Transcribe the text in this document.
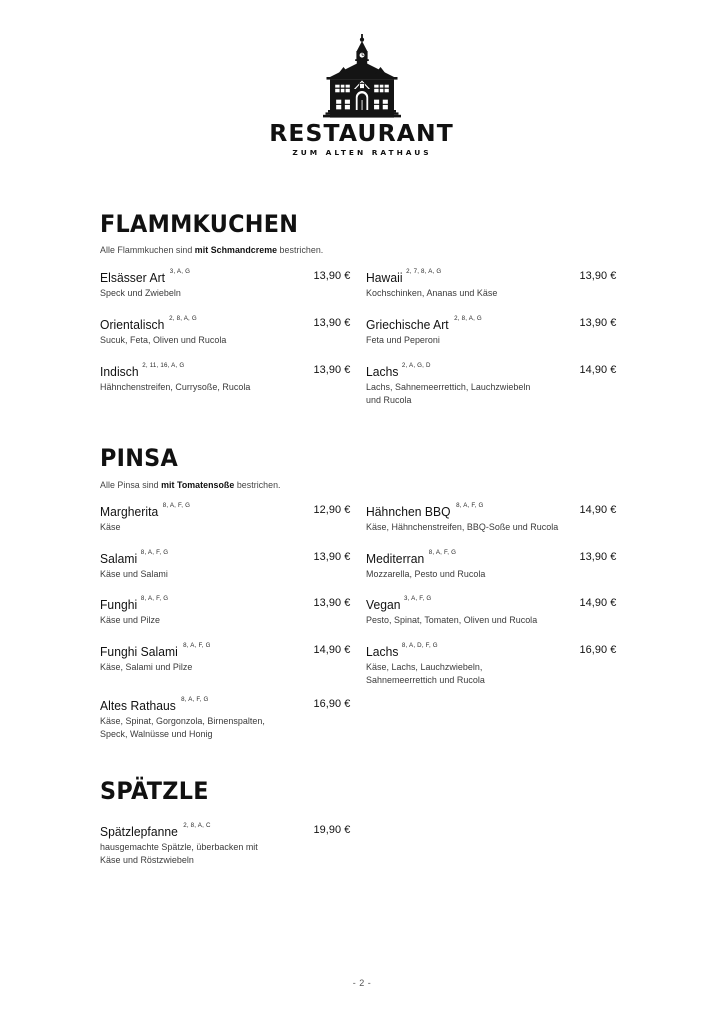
RESTAURANT
ZUM ALTEN RATHAUS
FLAMMKUCHEN
Alle Flammkuchen sind mit Schmandcreme bestrichen.
Elsässer Art $^{3, A, G}$	13,90 €
Speck und Zwiebeln
Orientalisch $^{2, 8, A, G}$	13,90 €
Sucuk, Feta, Oliven und Rucola
Indisch $^{2, 11, 16, A, G}$	13,90 €
Hähnchenstreifen, Currysoße, Rucola
Hawaii $^{2, 7, 8, A, G}$	13,90 €
Kochschinken, Ananas und Käse
Griechische Art $^{2, 8, A, G}$	13,90 €
Feta und Peperoni
Lachs $^{2, A, G, D}$	14,90 €
Lachs, Sahnemeerrettich, Lauchzwiebeln und Rucola
PINSA
Alle Pinsa sind mit Tomatensoße bestrichen.
Margherita $^{8, A, F, G}$	12,90 €
Käse
Salami $^{8, A, F, G}$	13,90 €
Käse und Salami
Funghi $^{8, A, F, G}$	13,90 €
Käse und Pilze
Funghi Salami $^{8, A, F, G}$	14,90 €
Käse, Salami und Pilze
Altes Rathaus $^{8, A, F, G}$	16,90 €
Käse, Spinat, Gorgonzola, Birnenspalten, Speck, Walnüsse und Honig
Hähnchen BBQ $^{8, A, F, G}$	14,90 €
Käse, Hähnchenstreifen, BBQ-Soße und Rucola
Mediterran $^{8, A, F, G}$	13,90 €
Mozzarella, Pesto und Rucola
Vegan $^{3, A, F, G}$	14,90 €
Pesto, Spinat, Tomaten, Oliven und Rucola
Lachs $^{8, A, D, F, G}$	16,90 €
Käse, Lachs, Lauchzwiebeln, Sahnemeerrettich und Rucola
SPÄTZLE
Spätzlepfanne $^{2, 8, A, C}$	19,90 €
hausgemachte Spätzle, überbacken mit Käse und Röstzwiebeln
- 2 -
